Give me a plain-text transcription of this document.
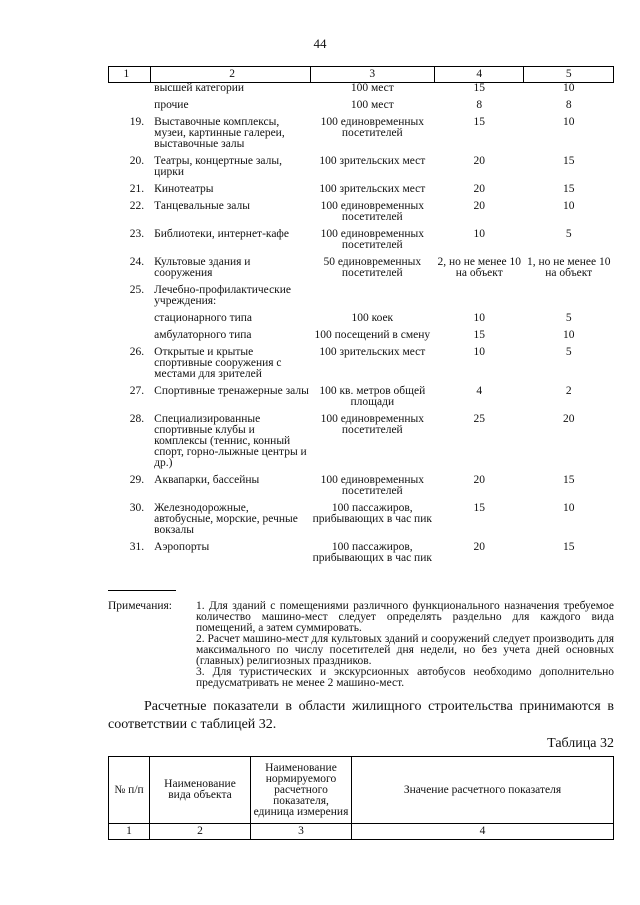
44
1	2	3	4	5
	высшей категории	100 мест	15	10
	прочие	100 мест	8	8
19.	Выставочные комплексы, музеи, картинные галереи, выставочные залы	100 единовременных посетителей	15	10
20.	Театры, концертные залы, цирки	100 зрительских мест	20	15
21.	Кинотеатры	100 зрительских мест	20	15
22.	Танцевальные залы	100 единовременных посетителей	20	10
23.	Библиотеки, интернет-кафе	100 единовременных посетителей	10	5
24.	Культовые здания и сооружения	50 единовременных посетителей	2, но не менее 10 на объект	1, но не менее 10 на объект
25.	Лечебно-профилактические учреждения:			
	стационарного типа	100 коек	10	5
	амбулаторного типа	100 посещений в смену	15	10
26.	Открытые и крытые спортивные сооружения с местами для зрителей	100 зрительских мест	10	5
27.	Спортивные тренажерные залы	100 кв. метров общей площади	4	2
28.	Специализированные спортивные клубы и комплексы (теннис, конный спорт, горно-лыжные центры и др.)	100 единовременных посетителей	25	20
29.	Аквапарки, бассейны	100 единовременных посетителей	20	15
30.	Железнодорожные, автобусные, морские, речные вокзалы	100 пассажиров, прибывающих в час пик	15	10
31.	Аэропорты	100 пассажиров, прибывающих в час пик	20	15
Примечания:	1. Для зданий с помещениями различного функционального назначения требуемое количество машино-мест следует определять раздельно для каждого вида помещений, а затем суммировать.
2. Расчет машино-мест для культовых зданий и сооружений следует производить для максимального по числу посетителей дня недели, но без учета дней основных (главных) религиозных праздников.
3. Для туристических и экскурсионных автобусов необходимо дополнительно предусматривать не менее 2 машино-мест.
Расчетные показатели в области жилищного строительства принимаются в соответствии с таблицей 32.
Таблица 32
№ п/п	Наименование вида объекта	Наименование нормируемого расчетного показателя, единица измерения	Значение расчетного показателя
1	2	3	4
